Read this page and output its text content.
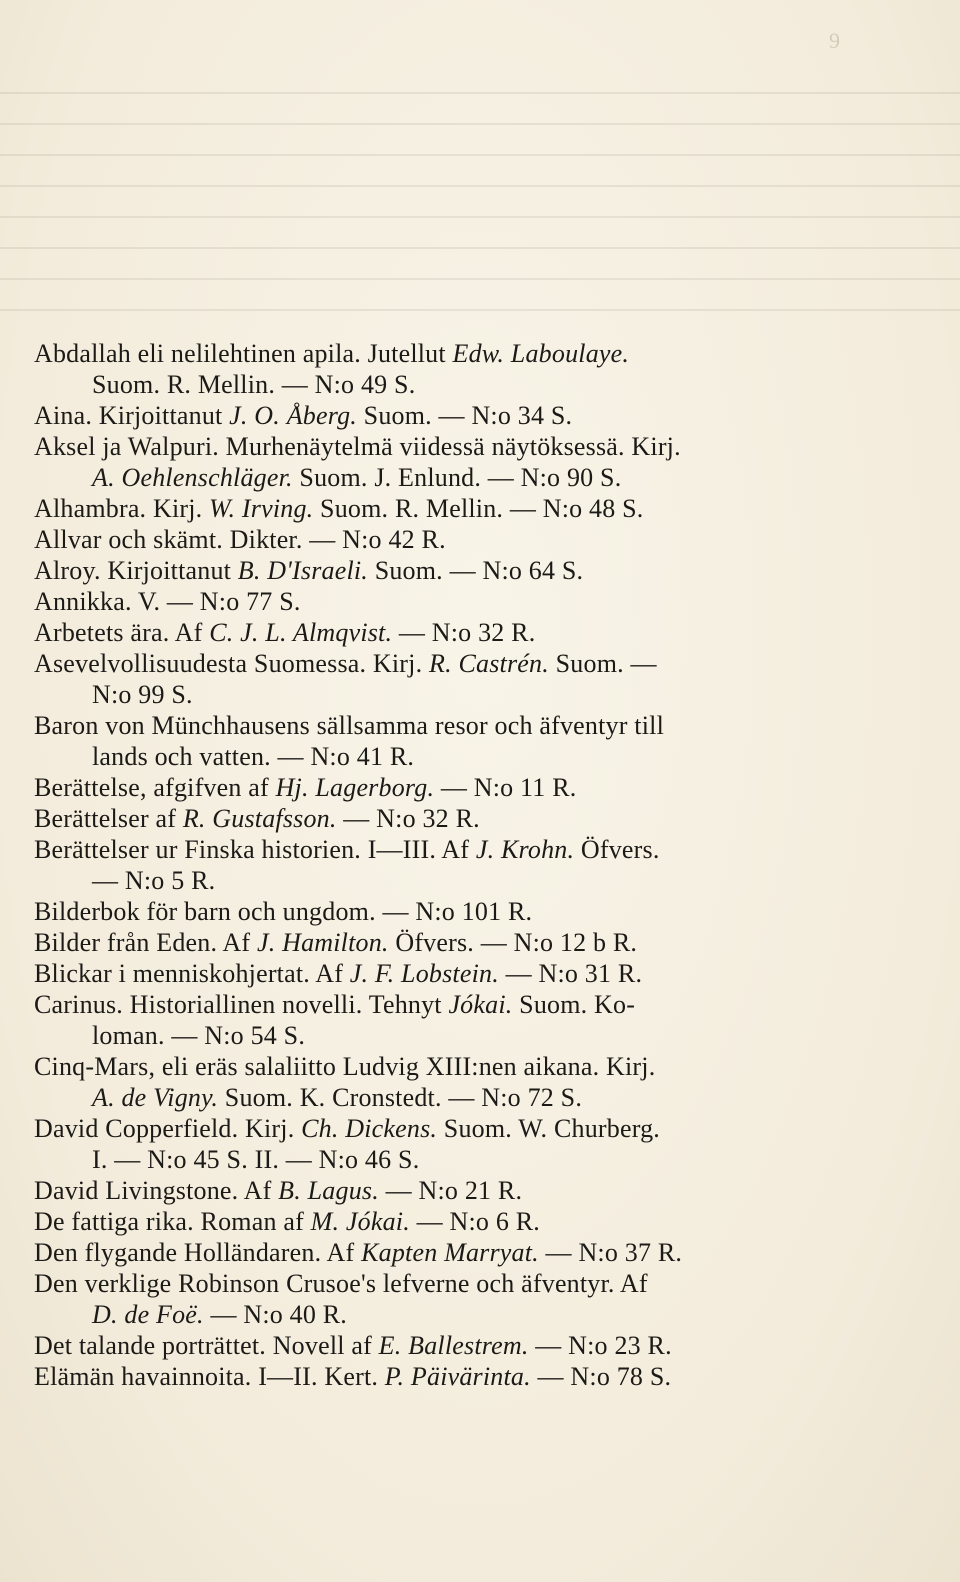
9
Abdallah eli nelilehtinen apila. Jutellut Edw. Laboulaye.
Suom. R. Mellin. — N:o 49 S.
Aina. Kirjoittanut J. O. Åberg. Suom. — N:o 34 S.
Aksel ja Walpuri. Murhenäytelmä viidessä näytöksessä. Kirj.
A. Oehlenschläger. Suom. J. Enlund. — N:o 90 S.
Alhambra. Kirj. W. Irving. Suom. R. Mellin. — N:o 48 S.
Allvar och skämt. Dikter. — N:o 42 R.
Alroy. Kirjoittanut B. D'Israeli. Suom. — N:o 64 S.
Annikka. V. — N:o 77 S.
Arbetets ära. Af C. J. L. Almqvist. — N:o 32 R.
Asevelvollisuudesta Suomessa. Kirj. R. Castrén. Suom. —
N:o 99 S.
Baron von Münchhausens sällsamma resor och äfventyr till
lands och vatten. — N:o 41 R.
Berättelse, afgifven af Hj. Lagerborg. — N:o 11 R.
Berättelser af R. Gustafsson. — N:o 32 R.
Berättelser ur Finska historien. I—III. Af J. Krohn. Öfvers.
— N:o 5 R.
Bilderbok för barn och ungdom. — N:o 101 R.
Bilder från Eden. Af J. Hamilton. Öfvers. — N:o 12 b R.
Blickar i menniskohjertat. Af J. F. Lobstein. — N:o 31 R.
Carinus. Historiallinen novelli. Tehnyt Jókai. Suom. Ko-
loman. — N:o 54 S.
Cinq-Mars, eli eräs salaliitto Ludvig XIII:nen aikana. Kirj.
A. de Vigny. Suom. K. Cronstedt. — N:o 72 S.
David Copperfield. Kirj. Ch. Dickens. Suom. W. Churberg.
I. — N:o 45 S. II. — N:o 46 S.
David Livingstone. Af B. Lagus. — N:o 21 R.
De fattiga rika. Roman af M. Jókai. — N:o 6 R.
Den flygande Holländaren. Af Kapten Marryat. — N:o 37 R.
Den verklige Robinson Crusoe's lefverne och äfventyr. Af
D. de Foë. — N:o 40 R.
Det talande porträttet. Novell af E. Ballestrem. — N:o 23 R.
Elämän havainnoita. I—II. Kert. P. Päivärinta. — N:o 78 S.
